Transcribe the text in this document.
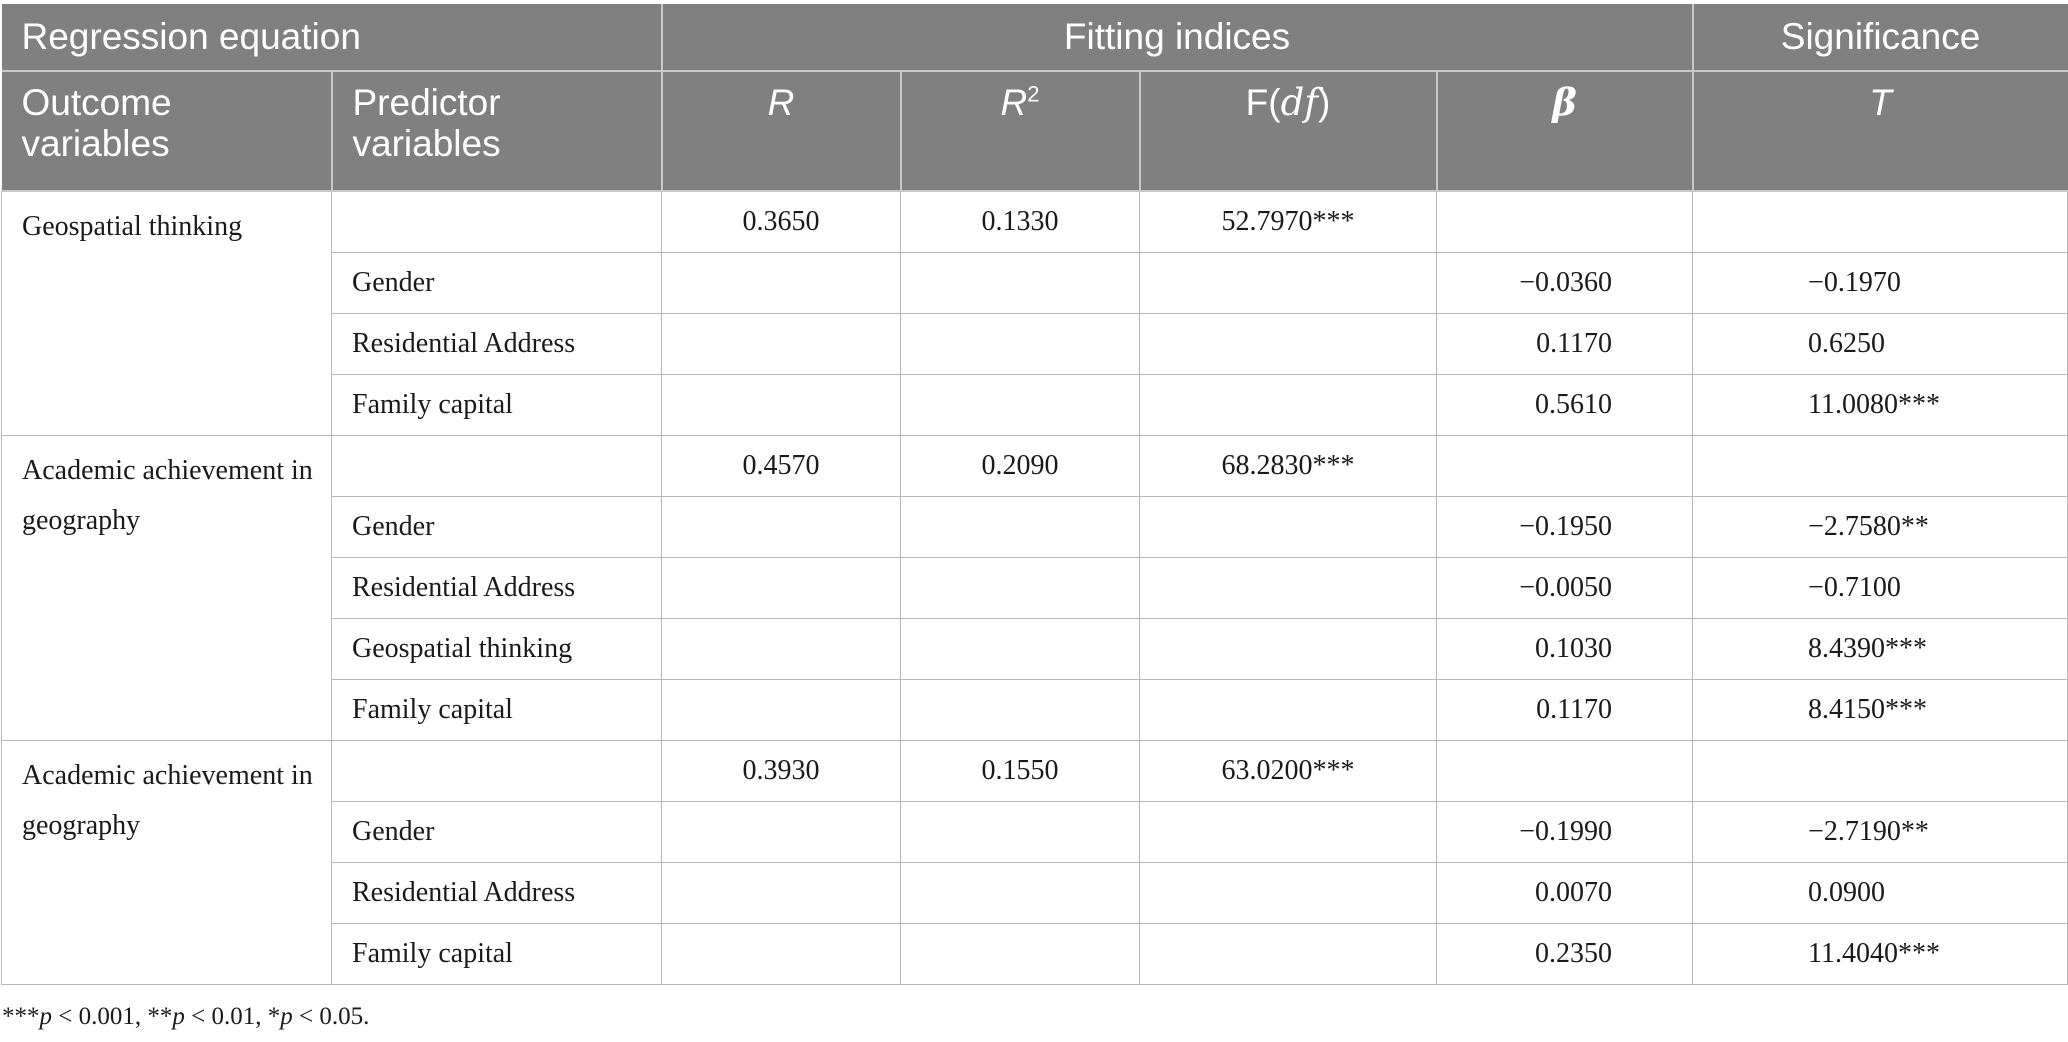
Regression equation		Fitting indices				Significance
Outcome variables	Predictor variables	R	$R^2$	F(df)	β	T
Geospatial thinking		0.3650	0.1330	52.7970***		
	Gender				−0.0360	−0.1970
	Residential Address				0.1170	0.6250
	Family capital				0.5610	11.0080***
Academic achievement in geography		0.4570	0.2090	68.2830***		
	Gender				−0.1950	−2.7580**
	Residential Address				−0.0050	−0.7100
	Geospatial thinking				0.1030	8.4390***
	Family capital				0.1170	8.4150***
Academic achievement in geography		0.3930	0.1550	63.0200***		
	Gender				−0.1990	−2.7190**
	Residential Address				0.0070	0.0900
	Family capital				0.2350	11.4040***
***p < 0.001, **p < 0.01, *p < 0.05.
